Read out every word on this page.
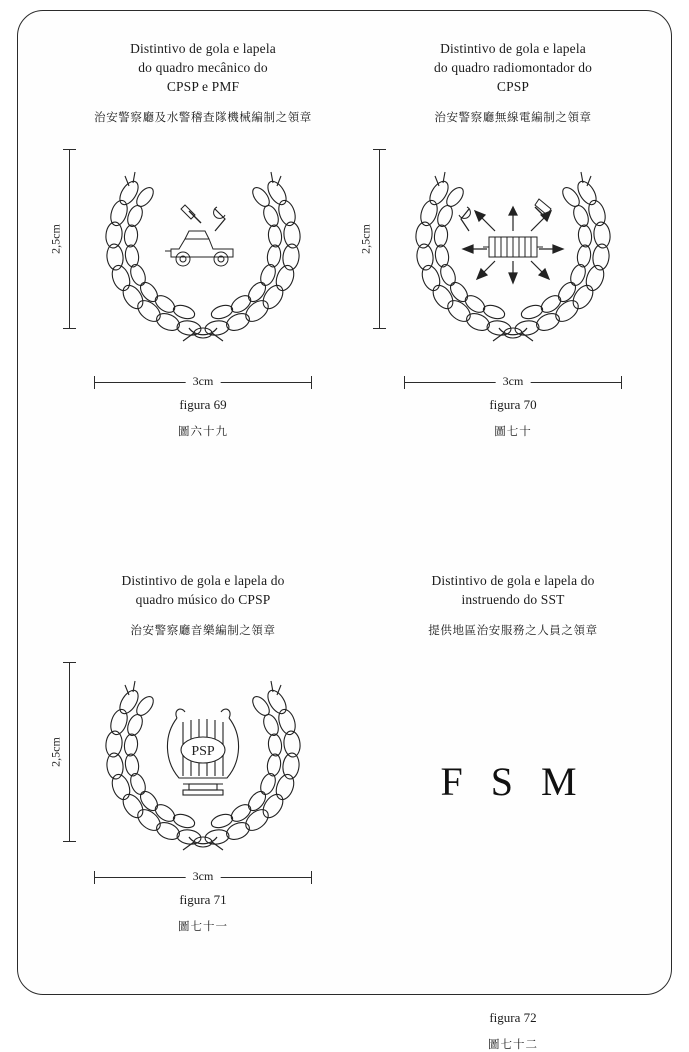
Distintivo de gola e lapela
do quadro mecânico do
CPSP e PMF
治安警察廳及水警稽查隊機械編制之領章
2,5cm
3cm
figura 69
圖六十九
Distintivo de gola e lapela
do quadro radiomontador do
CPSP
治安警察廳無線電編制之領章
2,5cm
3cm
figura 70
圖七十
Distintivo de gola e lapela do
quadro músico do CPSP
治安警察廳音樂編制之領章
2,5cm	PSP
3cm
figura 71
圖七十一
Distintivo de gola e lapela do
instruendo do SST
提供地區治安服務之人員之領章
F S M
figura 72
圖七十二
